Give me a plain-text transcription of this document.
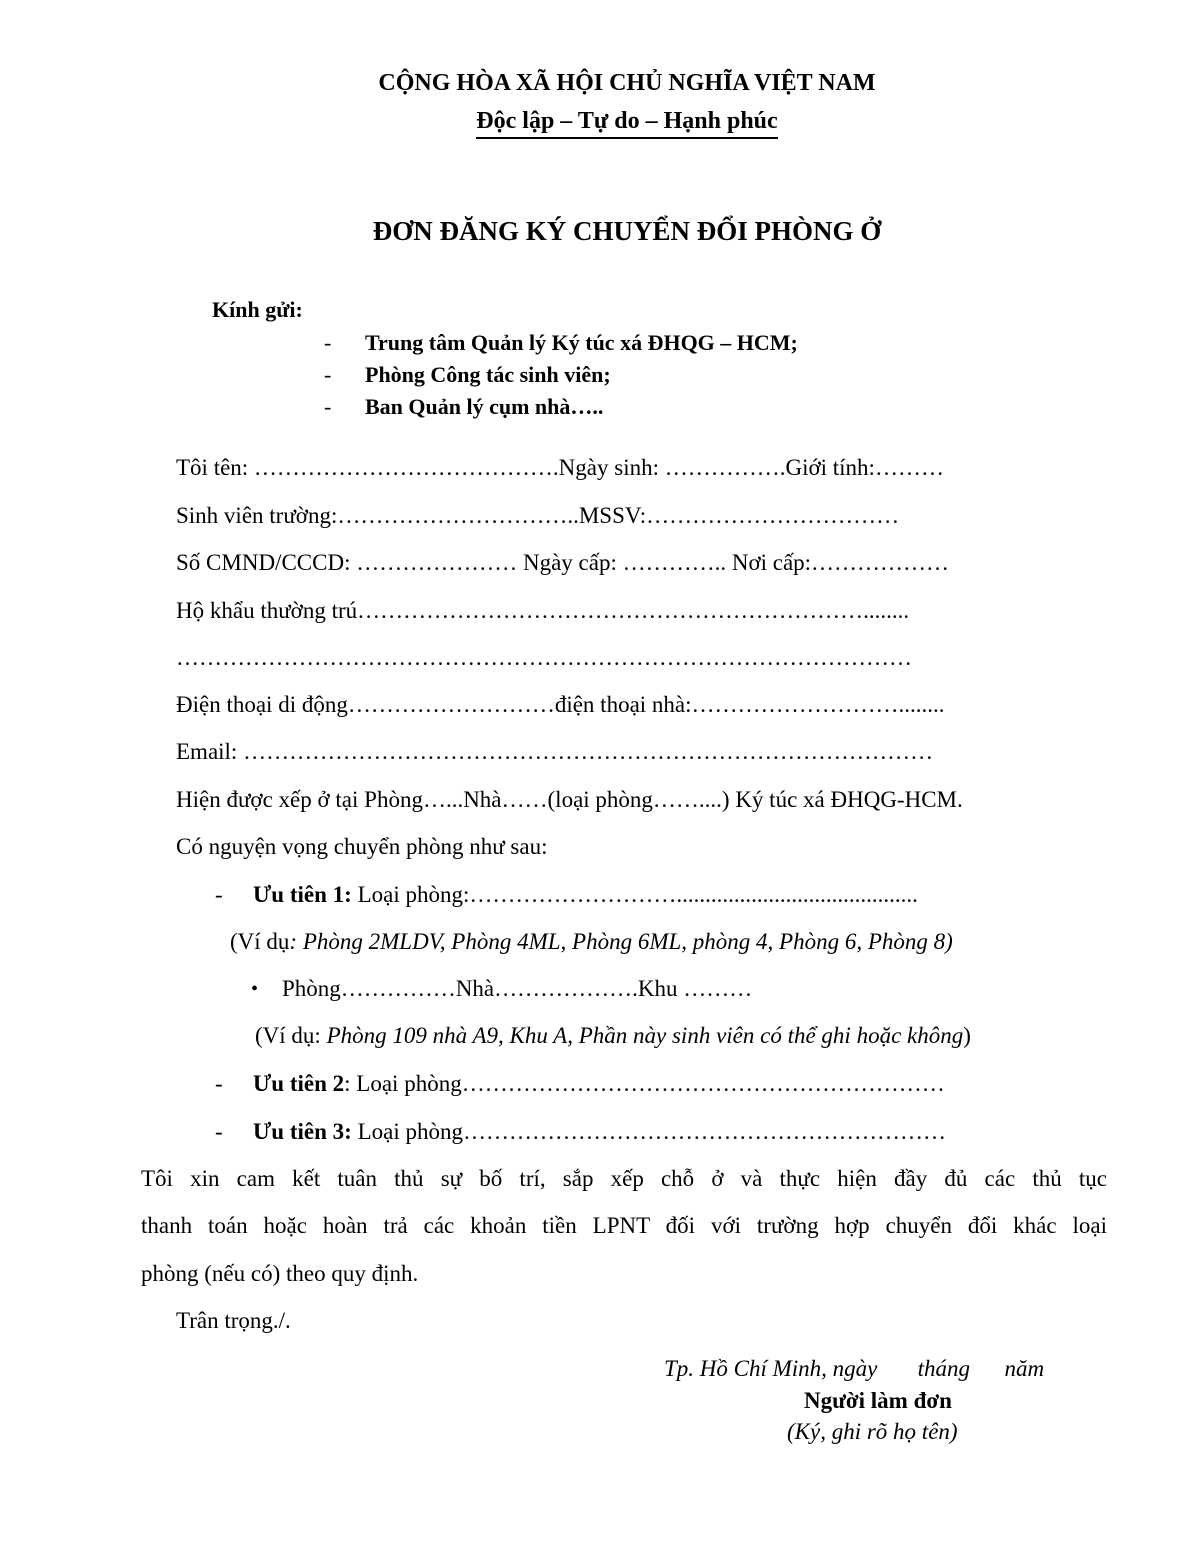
CỘNG HÒA XÃ HỘI CHỦ NGHĨA VIỆT NAM
Độc lập – Tự do – Hạnh phúc
ĐƠN ĐĂNG KÝ CHUYỂN ĐỔI PHÒNG Ở
Kính gửi:
- Trung tâm Quản lý Ký túc xá ĐHQG – HCM;
- Phòng Công tác sinh viên;
- Ban Quản lý cụm nhà…..
Tôi tên: ………………………………….Ngày sinh: …………….Giới tính:………
Sinh viên trường:…………………………..MSSV:……………………………
Số CMND/CCCD: ………………… Ngày cấp: ………….. Nơi cấp:………………
Hộ khẩu thường trú…………………………………………………………........
……………………………………………………………………………………
Điện thoại di động………………………điện thoại nhà:………………………........
Email: ………………………………………………………………………………
Hiện được xếp ở tại Phòng…...Nhà……(loại phòng……....) Ký túc xá ĐHQG-HCM.
Có nguyện vọng chuyển phòng như sau:
- Ưu tiên 1: Loại phòng:………………………..........................................
(Ví dụ: Phòng 2MLDV, Phòng 4ML, Phòng 6ML, phòng 4, Phòng 6, Phòng 8)
• Phòng……………Nhà……………….Khu ………
(Ví dụ: Phòng 109 nhà A9, Khu A, Phần này sinh viên có thể ghi hoặc không)
- Ưu tiên 2: Loại phòng………………………………………………………
- Ưu tiên 3: Loại phòng………………………………………………………
Tôi xin cam kết tuân thủ sự bố trí, sắp xếp chỗ ở và thực hiện đầy đủ các thủ tục
thanh toán hoặc hoàn trả các khoản tiền LPNT đối với trường hợp chuyển đổi khác loại
phòng (nếu có) theo quy định.
Trân trọng./.
Tp. Hồ Chí Minh, ngày       tháng      năm
Người làm đơn
(Ký, ghi rõ họ tên)
